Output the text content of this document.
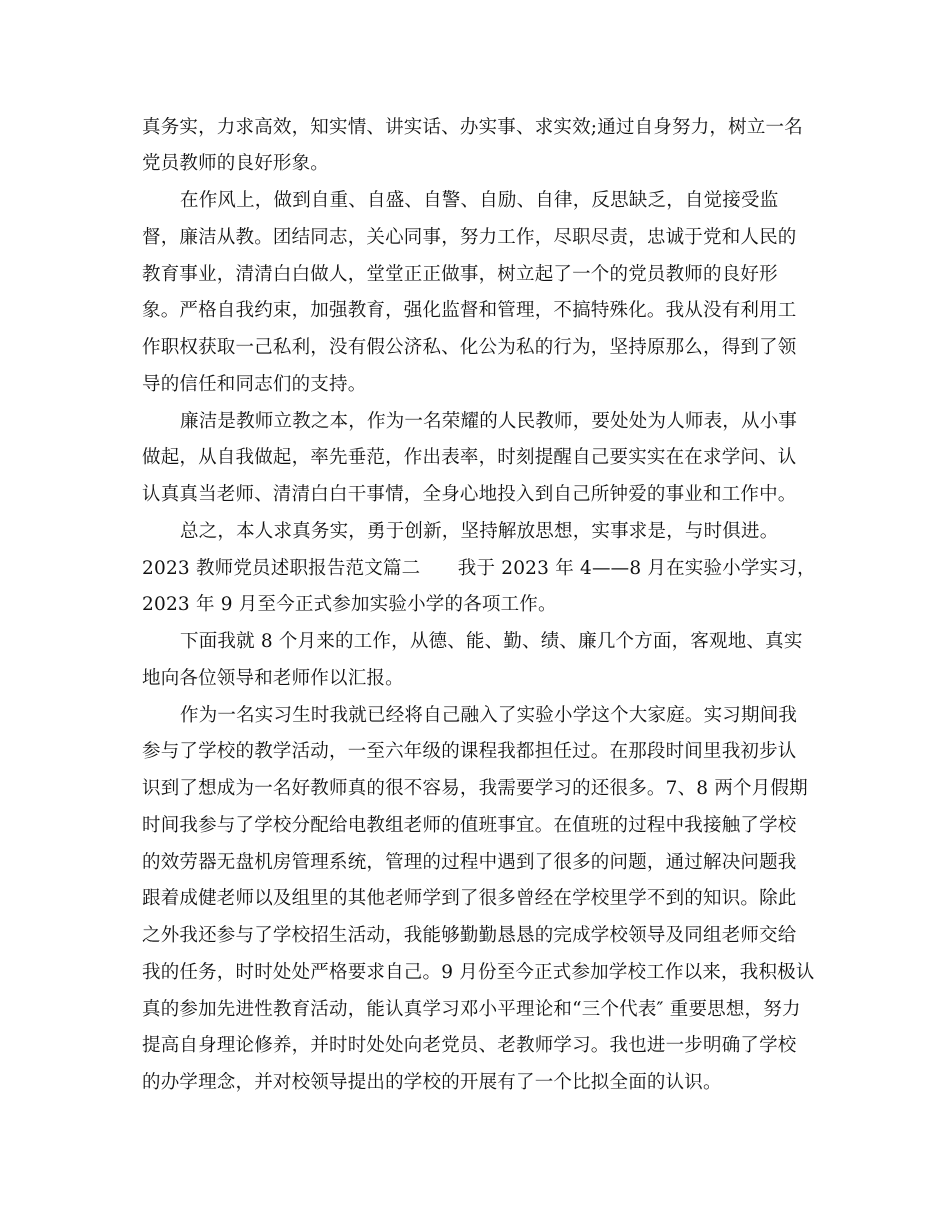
真务实，力求高效，知实情、讲实话、办实事、求实效;通过自身努力，树立一名

党员教师的良好形象。

在作风上，做到自重、自盛、自警、自励、自律，反思缺乏，自觉接受监

督，廉洁从教。团结同志，关心同事，努力工作，尽职尽责，忠诚于党和人民的

教育事业，清清白白做人，堂堂正正做事，树立起了一个的党员教师的良好形

象。严格自我约束，加强教育，强化监督和管理，不搞特殊化。我从没有利用工

作职权获取一己私利，没有假公济私、化公为私的行为，坚持原那么，得到了领

导的信任和同志们的支持。

廉洁是教师立教之本，作为一名荣耀的人民教师，要处处为人师表，从小事

做起，从自我做起，率先垂范，作出表率，时刻提醒自己要实实在在求学问、认

认真真当老师、清清白白干事情，全身心地投入到自己所钟爱的事业和工作中。

总之，本人求真务实，勇于创新，坚持解放思想，实事求是，与时俱进。

2023 教师党员述职报告范文篇二　　我于 2023 年 4——8 月在实验小学实习，

2023 年 9 月至今正式参加实验小学的各项工作。

下面我就 8 个月来的工作，从德、能、勤、绩、廉几个方面，客观地、真实

地向各位领导和老师作以汇报。

作为一名实习生时我就已经将自己融入了实验小学这个大家庭。实习期间我

参与了学校的教学活动，一至六年级的课程我都担任过。在那段时间里我初步认

识到了想成为一名好教师真的很不容易，我需要学习的还很多。7、8 两个月假期

时间我参与了学校分配给电教组老师的值班事宜。在值班的过程中我接触了学校

的效劳器无盘机房管理系统，管理的过程中遇到了很多的问题，通过解决问题我

跟着成健老师以及组里的其他老师学到了很多曾经在学校里学不到的知识。除此

之外我还参与了学校招生活动，我能够勤勤恳恳的完成学校领导及同组老师交给

我的任务，时时处处严格要求自己。9 月份至今正式参加学校工作以来，我积极认

真的参加先进性教育活动，能认真学习邓小平理论和“三个代表″ 重要思想，努力

提高自身理论修养，并时时处处向老党员、老教师学习。我也进一步明确了学校

的办学理念，并对校领导提出的学校的开展有了一个比拟全面的认识。
